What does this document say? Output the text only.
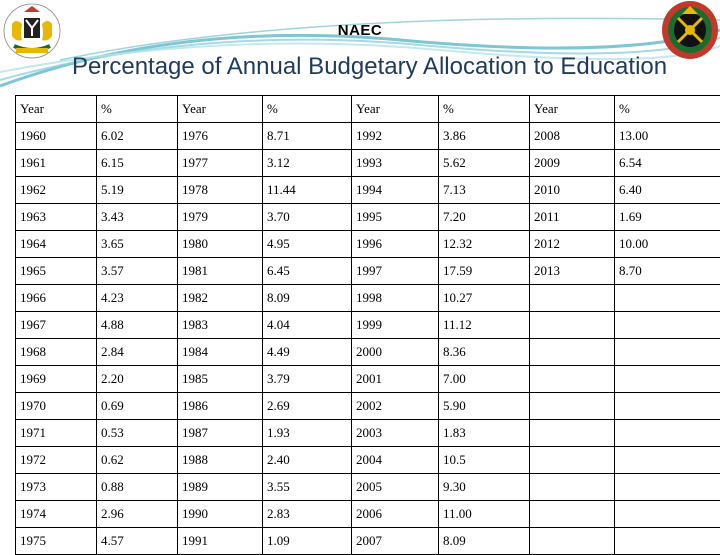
NAEC
Percentage of Annual Budgetary Allocation to Education
Year	%	Year	%	Year	%	Year	%
1960	6.02	1976	8.71	1992	3.86	2008	13.00
1961	6.15	1977	3.12	1993	5.62	2009	6.54
1962	5.19	1978	11.44	1994	7.13	2010	6.40
1963	3.43	1979	3.70	1995	7.20	2011	1.69
1964	3.65	1980	4.95	1996	12.32	2012	10.00
1965	3.57	1981	6.45	1997	17.59	2013	8.70
1966	4.23	1982	8.09	1998	10.27		
1967	4.88	1983	4.04	1999	11.12		
1968	2.84	1984	4.49	2000	8.36		
1969	2.20	1985	3.79	2001	7.00		
1970	0.69	1986	2.69	2002	5.90		
1971	0.53	1987	1.93	2003	1.83		
1972	0.62	1988	2.40	2004	10.5		
1973	0.88	1989	3.55	2005	9.30		
1974	2.96	1990	2.83	2006	11.00		
1975	4.57	1991	1.09	2007	8.09		
